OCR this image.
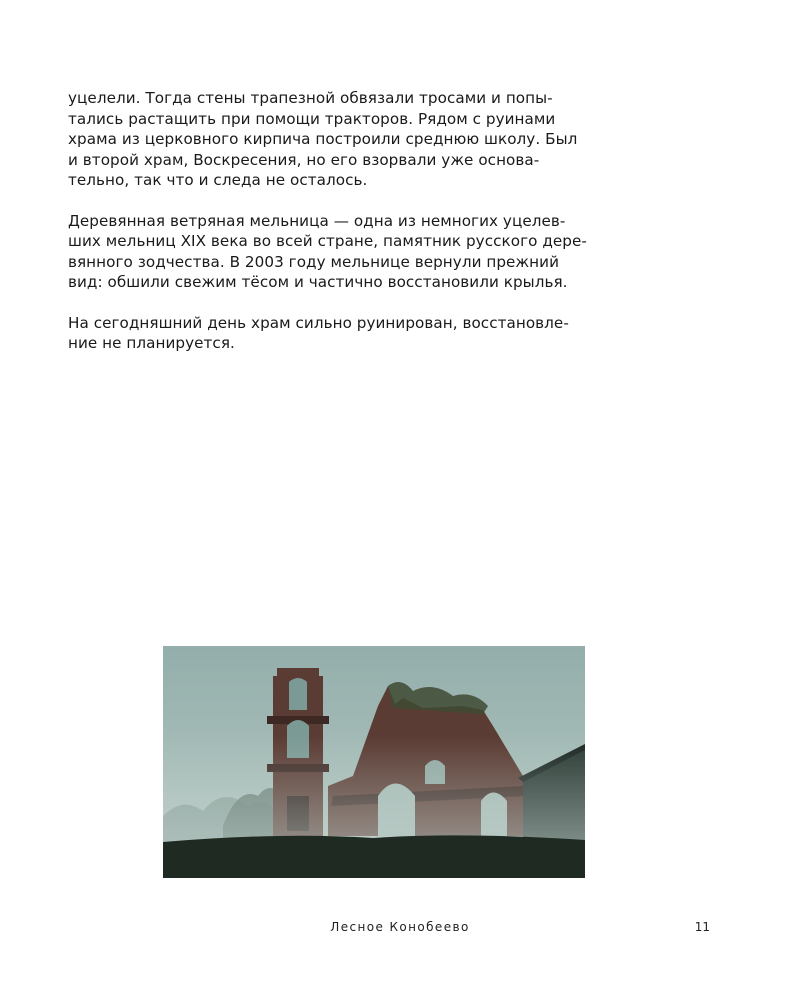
уцелели. Тогда стены трапезной обвязали тросами и попы-
тались растащить при помощи тракторов. Рядом с руинами
храма из церковного кирпича построили среднюю школу. Был
и второй храм, Воскресения, но его взорвали уже основа-
тельно, так что и следа не осталось.
Деревянная ветряная мельница — одна из немногих уцелев-
ших мельниц XIX века во всей стране, памятник русского дере-
вянного зодчества. В 2003 году мельнице вернули прежний
вид: обшили свежим тёсом и частично восстановили крылья.
На сегодняшний день храм сильно руинирован, восстановле-
ние не планируется.
Лесное Конобеево	11
